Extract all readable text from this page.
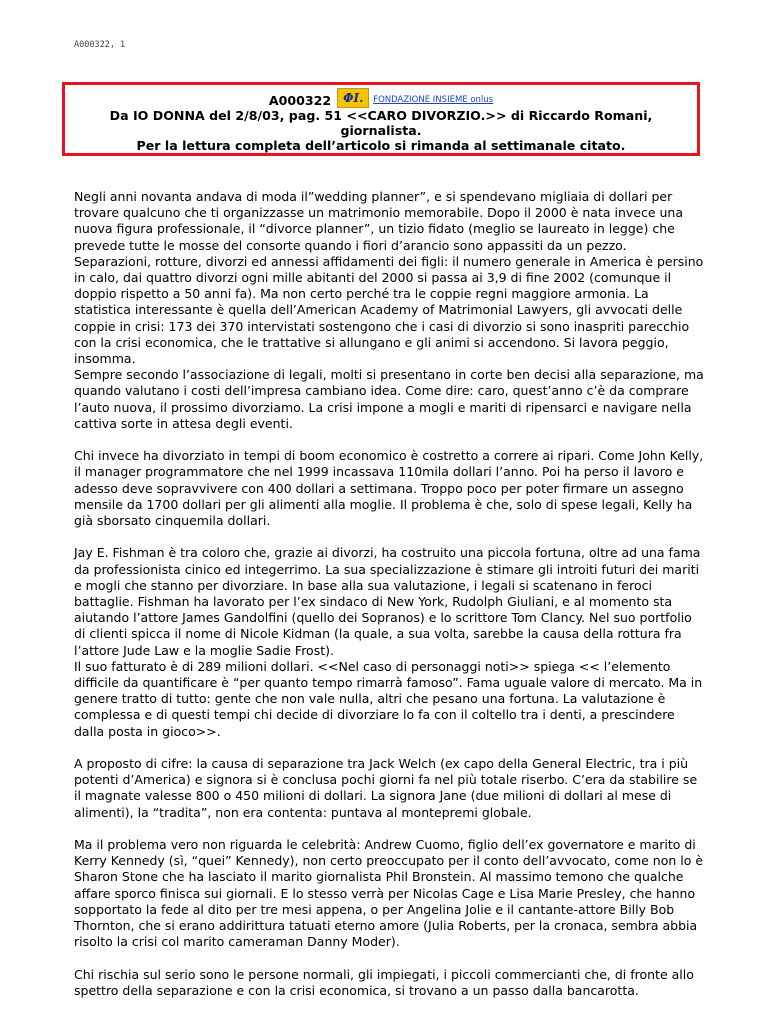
A000322, 1
A000322 ΦI.	FONDAZIONE INSIEME onlus
Da IO DONNA del 2/8/03, pag. 51 <<CARO DIVORZIO.>> di Riccardo Romani,
giornalista.
Per la lettura completa dell’articolo si rimanda al settimanale citato.

Negli anni novanta andava di moda il”wedding planner”, e si spendevano migliaia di dollari per trovare qualcuno che ti organizzasse un matrimonio memorabile. Dopo il 2000 è nata invece una nuova figura professionale, il “divorce planner”, un tizio fidato (meglio se laureato in legge) che prevede tutte le mosse del consorte quando i fiori d’arancio sono appassiti da un pezzo.

Separazioni, rotture, divorzi ed annessi affidamenti dei figli: il numero generale in America è persino in calo, dai quattro divorzi ogni mille abitanti del 2000 si passa ai 3,9 di fine 2002 (comunque il doppio rispetto a 50 anni fa). Ma non certo perché tra le coppie regni maggiore armonia. La statistica interessante è quella dell’American Academy of Matrimonial Lawyers, gli avvocati delle coppie in crisi: 173 dei 370 intervistati sostengono che i casi di divorzio si sono inaspriti parecchio con la crisi economica, che le trattative si allungano e gli animi si accendono. Si lavora peggio, insomma.

Sempre secondo l’associazione di legali, molti si presentano in corte ben decisi alla separazione, ma quando valutano i costi dell’impresa cambiano idea. Come dire: caro, quest’anno c’è da comprare l’auto nuova, il prossimo divorziamo. La crisi impone a mogli e mariti di ripensarci e navigare nella cattiva sorte in attesa degli eventi.

Chi invece ha divorziato in tempi di boom economico è costretto a correre ai ripari. Come John Kelly, il manager programmatore che nel 1999 incassava 110mila dollari l’anno. Poi ha perso il lavoro e adesso deve sopravvivere con 400 dollari a settimana. Troppo poco per poter firmare un assegno mensile da 1700 dollari per gli alimenti alla moglie. Il problema è che, solo di spese legali, Kelly ha già sborsato cinquemila dollari.

Jay E. Fishman è tra coloro che, grazie ai divorzi, ha costruito una piccola fortuna, oltre ad una fama da professionista cinico ed integerrimo. La sua specializzazione è stimare gli introiti futuri dei mariti e mogli che stanno per divorziare. In base alla sua valutazione, i legali si scatenano in feroci battaglie. Fishman ha lavorato per l’ex sindaco di New York, Rudolph Giuliani, e al momento sta aiutando l’attore James Gandolfini (quello dei Sopranos) e lo scrittore Tom Clancy. Nel suo portfolio di clienti spicca il nome di Nicole Kidman (la quale, a sua volta, sarebbe la causa della rottura fra l’attore Jude Law e la moglie Sadie Frost).

Il suo fatturato è di 289 milioni dollari. <<Nel caso di personaggi noti>> spiega << l’elemento difficile da quantificare è “per quanto tempo rimarrà famoso”. Fama uguale valore di mercato. Ma in genere tratto di tutto: gente che non vale nulla, altri che pesano una fortuna. La valutazione è complessa e di questi tempi chi decide di divorziare lo fa con il coltello tra i denti, a prescindere dalla posta in gioco>>.

A proposto di cifre: la causa di separazione tra Jack Welch (ex capo della General Electric, tra i più potenti d’America) e signora si è conclusa pochi giorni fa nel più totale riserbo. C’era da stabilire se il magnate valesse 800 o 450 milioni di dollari. La signora Jane (due milioni di dollari al mese di alimenti), la “tradita”, non era contenta: puntava al montepremi globale.

Ma il problema vero non riguarda le celebrità: Andrew Cuomo, figlio dell’ex governatore e marito di Kerry Kennedy (sì, “quei” Kennedy), non certo preoccupato per il conto dell’avvocato, come non lo è Sharon Stone che ha lasciato il marito giornalista Phil Bronstein. Al massimo temono che qualche affare sporco finisca sui giornali. E lo stesso verrà per Nicolas Cage e Lisa Marie Presley, che hanno sopportato la fede al dito per tre mesi appena, o per Angelina Jolie e il cantante-attore Billy Bob Thornton, che si erano addirittura tatuati eterno amore (Julia Roberts, per la cronaca, sembra abbia risolto la crisi col marito cameraman Danny Moder).

Chi rischia sul serio sono le persone normali, gli impiegati, i piccoli commercianti che, di fronte allo spettro della separazione e con la crisi economica, si trovano a un passo dalla bancarotta.
